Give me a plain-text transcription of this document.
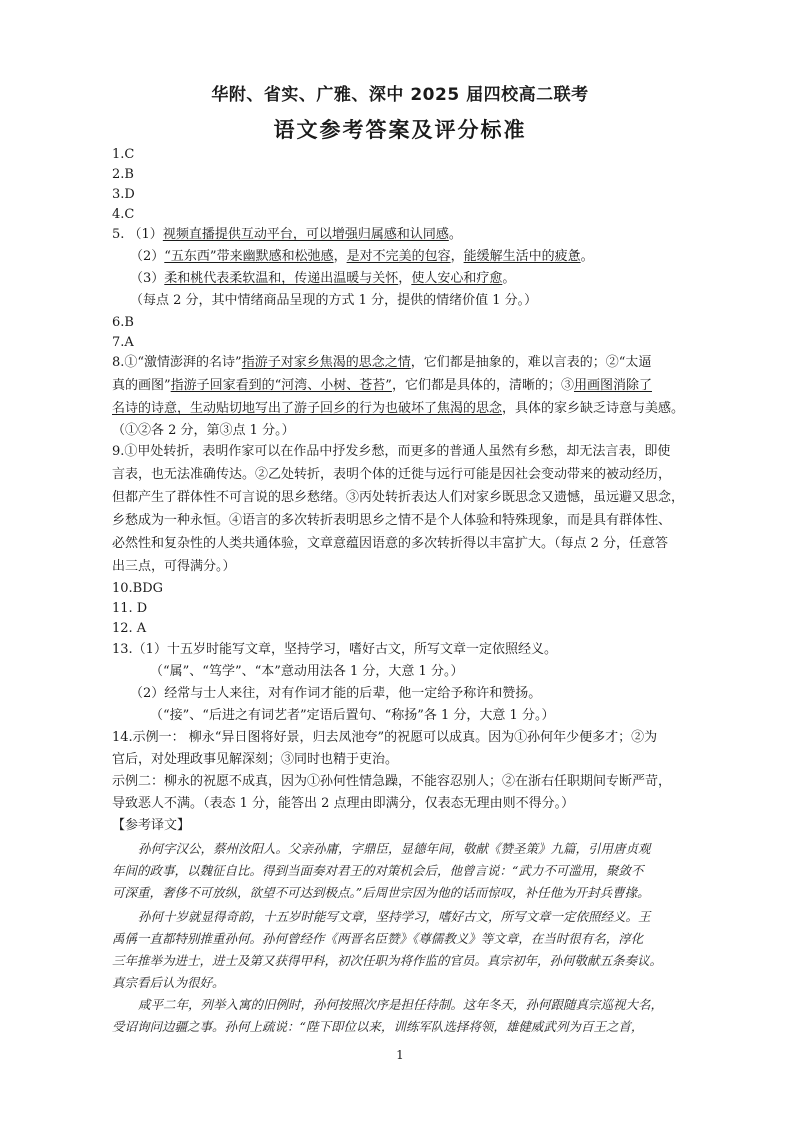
华附、省实、广雅、深中 2025 届四校高二联考
语文参考答案及评分标准
1.C
2.B
3.D
4.C
5. （1）视频直播提供互动平台，可以增强归属感和认同感。
（2）“五东西”带来幽默感和松弛感，是对不完美的包容，能缓解生活中的疲惫。
（3）柔和桃代表柔软温和，传递出温暖与关怀，使人安心和疗愈。
（每点 2 分，其中情绪商品呈现的方式 1 分，提供的情绪价值 1 分。）
6.B
7.A
8.①“激情澎湃的名诗”指游子对家乡焦渴的思念之情，它们都是抽象的，难以言表的；②“太逼
真的画图”指游子回家看到的“河湾、小树、苍苔”，它们都是具体的，清晰的；③用画图消除了
名诗的诗意，生动贴切地写出了游子回乡的行为也破坏了焦渴的思念，具体的家乡缺乏诗意与美感。
（①②各 2 分，第③点 1 分。）
9.①甲处转折，表明作家可以在作品中抒发乡愁，而更多的普通人虽然有乡愁，却无法言表，即使
言表，也无法准确传达。②乙处转折，表明个体的迁徙与远行可能是因社会变动带来的被动经历，
但都产生了群体性不可言说的思乡愁绪。③丙处转折表达人们对家乡既思念又遗憾，虽远避又思念，
乡愁成为一种永恒。④语言的多次转折表明思乡之情不是个人体验和特殊现象，而是具有群体性、
必然性和复杂性的人类共通体验，文章意蕴因语意的多次转折得以丰富扩大。（每点 2 分，任意答
出三点，可得满分。）
10.BDG
11. D
12. A
13.（1）十五岁时能写文章，坚持学习，嗜好古文，所写文章一定依照经义。
（“属”、“笃学”、“本”意动用法各 1 分，大意 1 分。）
（2）经常与士人来往，对有作词才能的后辈，他一定给予称许和赞扬。
（“接”、“后进之有词艺者”定语后置句、“称扬”各 1 分，大意 1 分。）
14.示例一： 柳永“异日图将好景，归去凤池夸”的祝愿可以成真。因为①孙何年少便多才；②为
官后，对处理政事见解深刻；③同时也精于吏治。
示例二：柳永的祝愿不成真，因为①孙何性情急躁，不能容忍别人；②在浙右任职期间专断严苛，
导致恶人不满。（表态 1 分，能答出 2 点理由即满分，仅表态无理由则不得分。）
【参考译文】
孙何字汉公，蔡州汝阳人。父亲孙庸，字鼎臣，显德年间，敬献《赞圣策》九篇，引用唐贞观
年间的政事，以魏征自比。得到当面奏对君王的对策机会后，他曾言说：“武力不可滥用，聚敛不
可深重，奢侈不可放纵，欲望不可达到极点。”后周世宗因为他的话而惊叹，补任他为开封兵曹掾。
孙何十岁就显得奇韵，十五岁时能写文章，坚持学习，嗜好古文，所写文章一定依照经义。王
禹偁一直都特别推重孙何。孙何曾经作《两晋名臣赞》《尊儒教义》等文章，在当时很有名，淳化
三年推举为进士，进士及第又获得甲科，初次任职为将作监的官员。真宗初年，孙何敬献五条奏议。
真宗看后认为很好。
咸平二年，列举入寓的旧例时，孙何按照次序是担任待制。这年冬天，孙何跟随真宗巡视大名，
受诏询问边疆之事。孙何上疏说：“陛下即位以来，训练军队选择将领，雄健威武列为百王之首，
1
